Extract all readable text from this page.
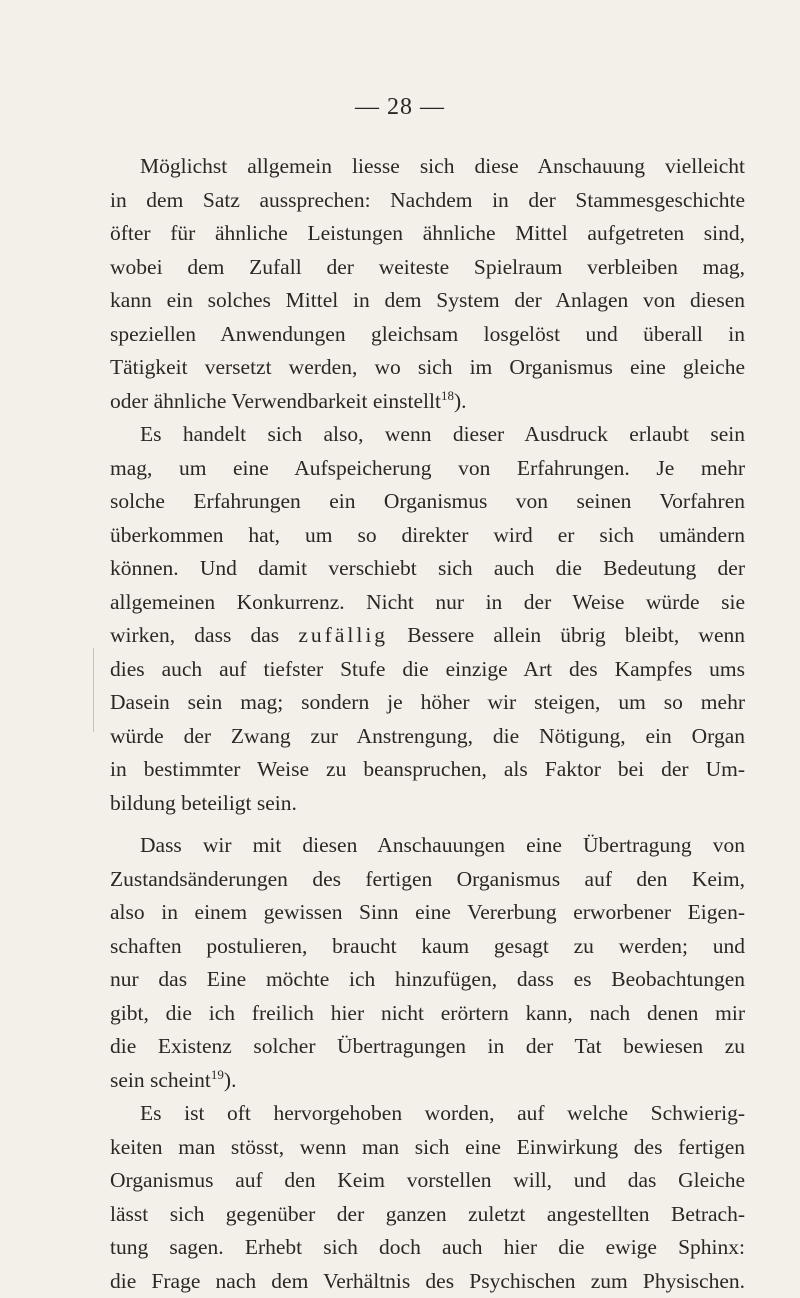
— 28 —
Möglichst allgemein liesse sich diese Anschauung vielleicht
in dem Satz aussprechen: Nachdem in der Stammesgeschichte
öfter für ähnliche Leistungen ähnliche Mittel aufgetreten sind,
wobei dem Zufall der weiteste Spielraum verbleiben mag,
kann ein solches Mittel in dem System der Anlagen von diesen
speziellen Anwendungen gleichsam losgelöst und überall in
Tätigkeit versetzt werden, wo sich im Organismus eine gleiche
oder ähnliche Verwendbarkeit einstellt$^{18}$).
Es handelt sich also, wenn dieser Ausdruck erlaubt sein
mag, um eine Aufspeicherung von Erfahrungen. Je mehr
solche Erfahrungen ein Organismus von seinen Vorfahren
überkommen hat, um so direkter wird er sich umändern
können. Und damit verschiebt sich auch die Bedeutung der
allgemeinen Konkurrenz. Nicht nur in der Weise würde sie
wirken, dass das zufällig Bessere allein übrig bleibt, wenn
dies auch auf tiefster Stufe die einzige Art des Kampfes ums
Dasein sein mag; sondern je höher wir steigen, um so mehr
würde der Zwang zur Anstrengung, die Nötigung, ein Organ
in bestimmter Weise zu beanspruchen, als Faktor bei der Um-
bildung beteiligt sein.
Dass wir mit diesen Anschauungen eine Übertragung von
Zustandsänderungen des fertigen Organismus auf den Keim,
also in einem gewissen Sinn eine Vererbung erworbener Eigen-
schaften postulieren, braucht kaum gesagt zu werden; und
nur das Eine möchte ich hinzufügen, dass es Beobachtungen
gibt, die ich freilich hier nicht erörtern kann, nach denen mir
die Existenz solcher Übertragungen in der Tat bewiesen zu
sein scheint$^{19}$).
Es ist oft hervorgehoben worden, auf welche Schwierig-
keiten man stösst, wenn man sich eine Einwirkung des fertigen
Organismus auf den Keim vorstellen will, und das Gleiche
lässt sich gegenüber der ganzen zuletzt angestellten Betrach-
tung sagen. Erhebt sich doch auch hier die ewige Sphinx:
die Frage nach dem Verhältnis des Psychischen zum Physischen.
